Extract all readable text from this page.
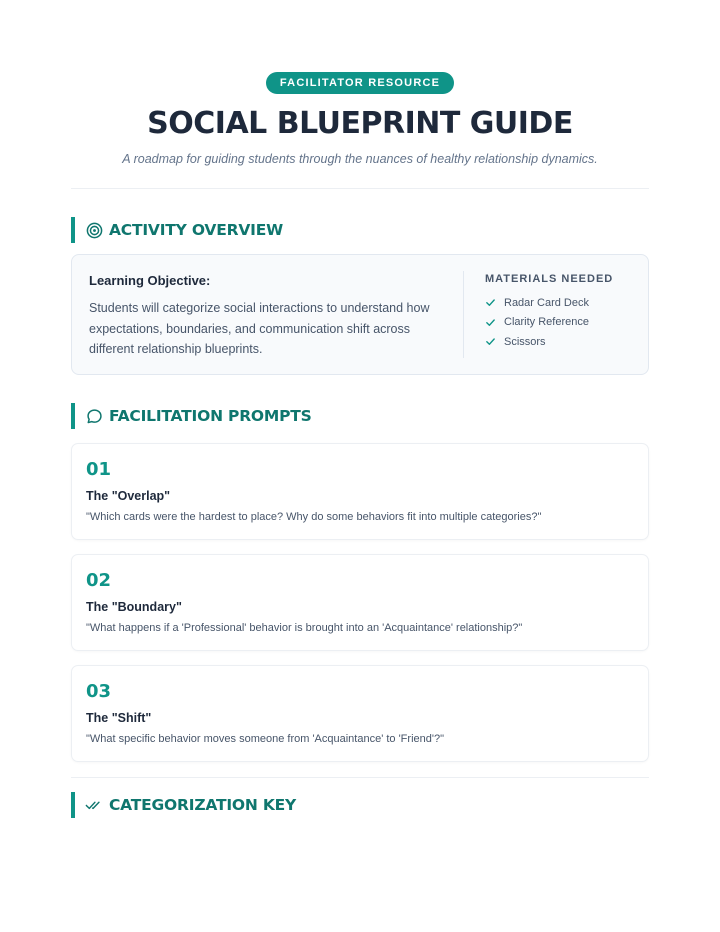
FACILITATOR RESOURCE
SOCIAL BLUEPRINT GUIDE

A roadmap for guiding students through the nuances of healthy relationship dynamics.

ACTIVITY OVERVIEW
Learning Objective:

Students will categorize social interactions to understand how expectations, boundaries, and communication shift across different relationship blueprints.

MATERIALS NEEDED
Radar Card Deck
Clarity Reference
Scissors
FACILITATION PROMPTS
01
The "Overlap"

"Which cards were the hardest to place? Why do some behaviors fit into multiple categories?"

02
The "Boundary"

"What happens if a 'Professional' behavior is brought into an 'Acquaintance' relationship?"

03
The "Shift"

"What specific behavior moves someone from 'Acquaintance' to 'Friend'?"

CATEGORIZATION KEY
